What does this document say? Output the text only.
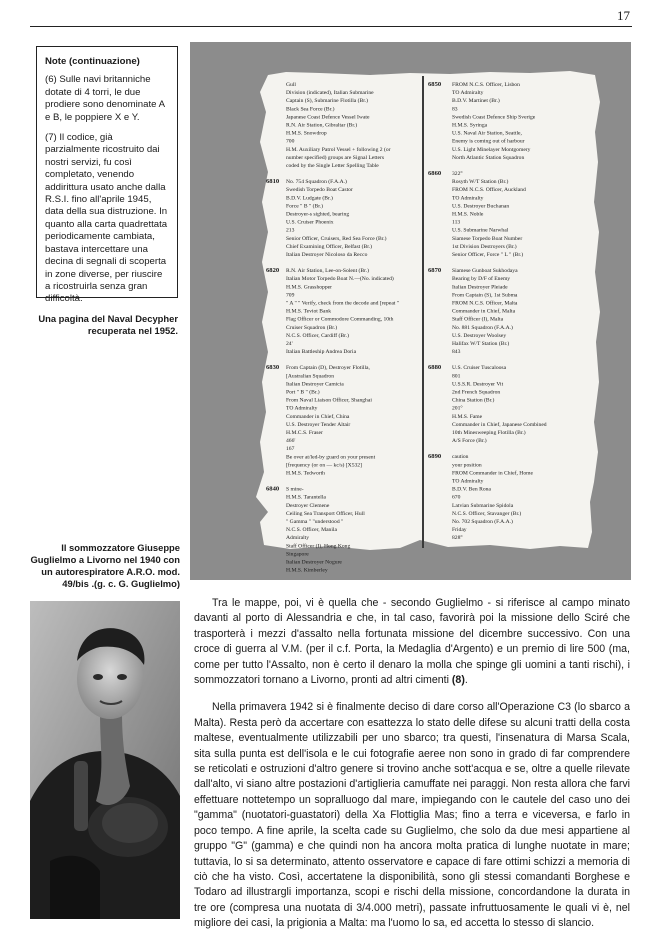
17
Note (continuazione)

(6) Sulle navi britanniche dotate di 4 torri, le due prodiere sono denominate A e B, le poppiere X e Y.

(7) Il codice, già parzialmente ricostruito dai nostri servizi, fu così completato, venendo addirittura usato anche dalla R.S.I. fino all'aprile 1945, data della sua distruzione. In quanto alla carta quadrettata periodicamente cambiata, bastava intercettare una decina di segnali di scoperta in zone diverse, per riuscire a ricostruirla senza gran difficoltà.

Una pagina del Naval Decypher recuperata nel 1952.
Gull
Division (indicated), Italian Submarine
Captain (S), Submarine Flotilla (Br.)
Black Sea Force (Br.)
Japanese Coast Defence Vessel Iwate
R.N. Air Station, Gibraltar (Br.)
H.M.S. Snowdrop
700
H.M. Auxiliary Patrol Vessel + following 2 (or
number specified) groups are Signal Letters
coded by the Single Letter Spelling Table
6810 No. 754 Squadron (F.A.A.)
Swedish Torpedo Boat Castor
B.D.V. Ludgate (Br.)
Force " B " (Br.)
Destroyer-s sighted, bearing
U.S. Cruiser Phoenix
213
Senior Officer, Cruisers, Red Sea Force (Br.)
Chief Examining Officer, Belfast (Br.)
Italian Destroyer Nicoloso da Recco
6820 R.N. Air Station, Lee-on-Solent (Br.)
Italian Motor Torpedo Boat N.—(No. indicated)
H.M.S. Grasshopper
709
" A " " Verify, check from the decode and [repeat "
H.M.S. Teviot Bank
Flag Officer or Commodore Commanding, 10th
Cruiser Squadron (Br.)
N.C.S. Officer, Cardiff (Br.)
24'
Italian Battleship Andrea Doria
6830 From Captain (D), Destroyer Flotilla,
[Australian Squadron
Italian Destroyer Camicia
Port " B " (Br.)
From Naval Liaison Officer, Shanghai
TO Admiralty
Commander in Chief, China
U.S. Destroyer Tender Altair
H.M.C.S. Fraser
466'
167
Be over at/led-by guard on your present
[frequency (or on — kc/s) [X532]
H.M.S. Tedworth
6840 S mine-
H.M.S. Tarantella
Destroyer Clemene
Ceiling Sea Transport Officer, Hull
" Gamma " "understood "
N.C.S. Officer, Manila
Admiralty
Staff Officer (I), Hong Kong
Singapore
Italian Destroyer Nogure
H.M.S. Kimberley
6850 FROM N.C.S. Officer, Lisbon
TO Admiralty
B.D.V. Martinet (Br.)
83
Swedish Coast Defence Ship Sverige
H.M.S. Syringa
U.S. Naval Air Station, Seattle,
Enemy is coming out of harbour
U.S. Light Minelayer Montgomery
North Atlantic Station Squadron
6860 322°
Rosyth W/T Station (Br.)
FROM N.C.S. Officer, Auckland
TO Admiralty
U.S. Destroyer Buchanan
H.M.S. Noble
113
U.S. Submarine Narwhal
Siamese Torpedo Boat Number
1st Division Destroyers (Br.)
Senior Officer, Force " L " (Br.)
6870 Siamese Gunboat Sukhodaya
Bearing by D/F of Enemy
Italian Destroyer Pleiade
From Captain (S), 1st Subma
FROM N.C.S. Officer, Malta
Commander in Chief, Malta
Staff Officer (I), Malta
No. 881 Squadron (F.A.A.)
U.S. Destroyer Woolsey
Halifax W/T Station (Br.)
843
6880 U.S. Cruiser Tuscaloosa
801
U.S.S.R. Destroyer Vit
2nd French Squadron
China Station (Br.)
201°
H.M.S. Fame
Commander in Chief, Japanese Combined
10th Minesweeping Flotilla (Br.)
A/S Force (Br.)
6890 caution
your position
FROM Commander in Chief, Home
TO Admiralty
B.D.V. Ben Rona
670
Latvian Submarine Spidola
N.C.S. Officer, Stavanger (Br.)
No. 702 Squadron (F.A.A.)
Friday
828°
Il sommozzatore Giuseppe Guglielmo a Livorno nel 1940 con un autorespiratore A.R.O. mod. 49/bis .(g. c. G. Guglielmo)

Tra le mappe, poi, vi è quella che - secondo Guglielmo - si riferisce al campo minato davanti al porto di Alessandria e che, in tal caso, favorirà poi la missione dello Sciré che trasporterà i mezzi d'assalto nella fortunata missione del dicembre successivo. Con una croce di guerra al V.M. (per il c.f. Porta, la Medaglia d'Argento) e un premio di lire 500 (ma, come per tutto l'Assalto, non è certo il denaro la molla che spinge gli uomini a tanti rischi), i sommozzatori tornano a Livorno, pronti ad altri cimenti (8).

Nella primavera 1942 si è finalmente deciso di dare corso all'Operazione C3 (lo sbarco a Malta). Resta però da accertare con esattezza lo stato delle difese su alcuni tratti della costa maltese, eventualmente utilizzabili per uno sbarco; tra questi, l'insenatura di Marsa Scala, sita sulla punta est dell'isola e le cui fotografie aeree non sono in grado di far comprendere se reticolati e ostruzioni d'altro genere si trovino anche sott'acqua e se, oltre a quelle rilevate dall'alto, vi siano altre postazioni d'artiglieria camuffate nei paraggi. Non resta allora che farvi effettuare nottetempo un sopralluogo dal mare, impiegando con le cautele del caso uno dei "gamma" (nuotatori-guastatori) della Xa Flottiglia Mas; fino a terra e viceversa, e farlo in poco tempo. A fine aprile, la scelta cade su Guglielmo, che solo da due mesi appartiene al gruppo "G" (gamma) e che quindi non ha ancora molta pratica di lunghe nuotate in mare; tuttavia, lo si sa determinato, attento osservatore e capace di fare ottimi schizzi a memoria di ciò che ha visto. Così, accertatene la disponibilità, sono gli stessi comandanti Borghese e Todaro ad illustrargli importanza, scopi e rischi della missione, concordandone la durata in tre ore (compresa una nuotata di 3/4.000 metri), passate infruttuosamente le quali vi è, nel migliore dei casi, la prigionia a Malta: ma l'uomo lo sa, ed accetta lo stesso di slancio.
